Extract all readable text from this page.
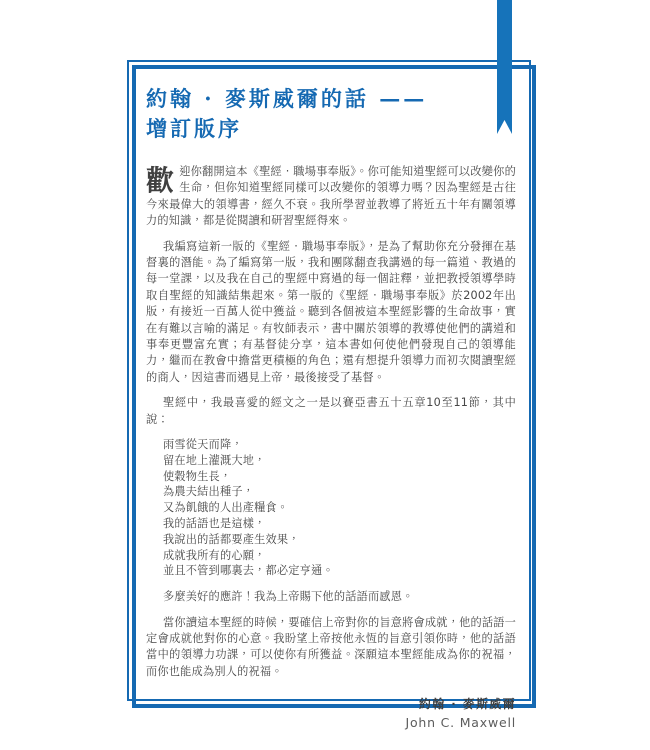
約翰 · 麥斯威爾的話 ——
增訂版序
歡 迎你翻開這本《聖經 · 職場事奉版》。你可能知道聖經可以改變你的生命，但你知道聖經同樣可以改變你的領導力嗎？因為聖經是古往今來最偉大的領導書，經久不衰。我所學習並教導了將近五十年有關領導力的知識，都是從閱讀和研習聖經得來。

我編寫這新一版的《聖經 · 職場事奉版》，是為了幫助你充分發揮在基督裏的潛能。為了編寫第一版，我和團隊翻查我講過的每一篇道、教過的每一堂課，以及我在自己的聖經中寫過的每一個註釋，並把教授領導學時取自聖經的知識結集起來。第一版的《聖經 · 職場事奉版》於2002年出版，有接近一百萬人從中獲益。聽到各個被這本聖經影響的生命故事，實在有難以言喻的滿足。有牧師表示，書中關於領導的教導使他們的講道和事奉更豐富充實；有基督徒分享，這本書如何使他們發現自己的領導能力，繼而在教會中擔當更積極的角色；還有想提升領導力而初次閱讀聖經的商人，因這書而遇見上帝，最後接受了基督。

聖經中，我最喜愛的經文之一是以賽亞書五十五章10至11節，其中說：

雨雪從天而降，
留在地上灌溉大地，
使穀物生長，
為農夫結出種子，
又為飢餓的人出產糧食。
我的話語也是這樣，
我說出的話都要產生效果，
成就我所有的心願，
並且不管到哪裏去，都必定亨通。

多麼美好的應許！我為上帝賜下他的話語而感恩。

當你讀這本聖經的時候，要確信上帝對你的旨意將會成就，他的話語一定會成就他對你的心意。我盼望上帝按他永恆的旨意引領你時，他的話語當中的領導力功課，可以使你有所獲益。深願這本聖經能成為你的祝福，而你也能成為別人的祝福。

約翰 · 麥斯威爾
John C. Maxwell
